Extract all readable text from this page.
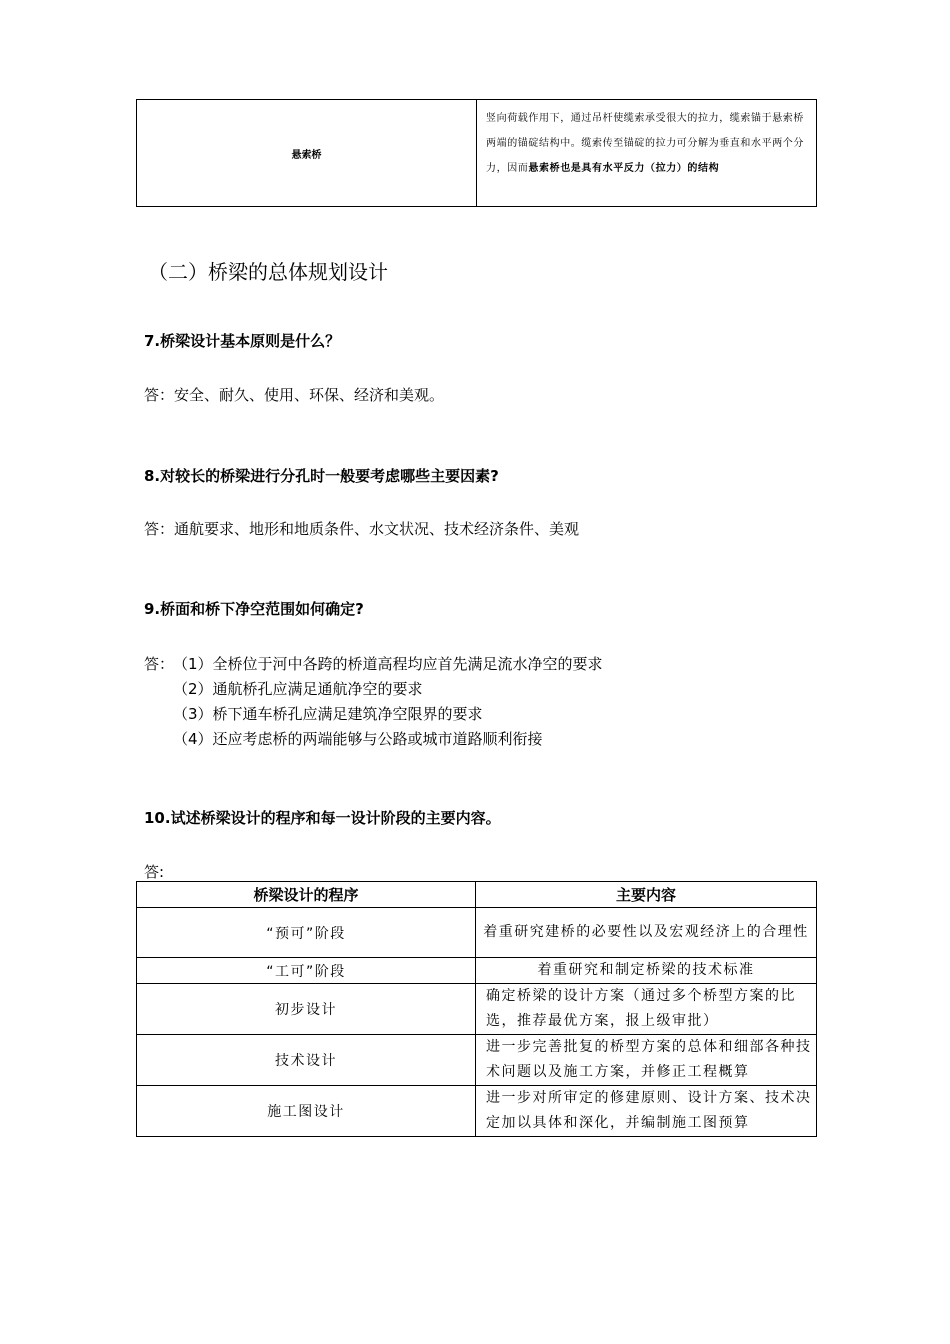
悬索桥	竖向荷载作用下，通过吊杆使缆索承受很大的拉力，缆索锚于悬索桥两端的锚碇结构中。缆索传至锚碇的拉力可分解为垂直和水平两个分力，因而悬索桥也是具有水平反力（拉力）的结构
（二）桥梁的总体规划设计
7.桥梁设计基本原则是什么？
答：安全、耐久、使用、环保、经济和美观。
8.对较长的桥梁进行分孔时一般要考虑哪些主要因素?
答：通航要求、地形和地质条件、水文状况、技术经济条件、美观
9.桥面和桥下净空范围如何确定?
答：
（1）全桥位于河中各跨的桥道高程均应首先满足流水净空的要求
（2）通航桥孔应满足通航净空的要求
（3）桥下通车桥孔应满足建筑净空限界的要求
（4）还应考虑桥的两端能够与公路或城市道路顺利衔接
10.试述桥梁设计的程序和每一设计阶段的主要内容。
答:
桥梁设计的程序	主要内容
“预可”阶段	着重研究建桥的必要性以及宏观经济上的合理性
“工可”阶段	着重研究和制定桥梁的技术标准
初步设计	确定桥梁的设计方案（通过多个桥型方案的比选，推荐最优方案，报上级审批）
技术设计	进一步完善批复的桥型方案的总体和细部各种技术问题以及施工方案，并修正工程概算
施工图设计	进一步对所审定的修建原则、设计方案、技术决定加以具体和深化，并编制施工图预算
